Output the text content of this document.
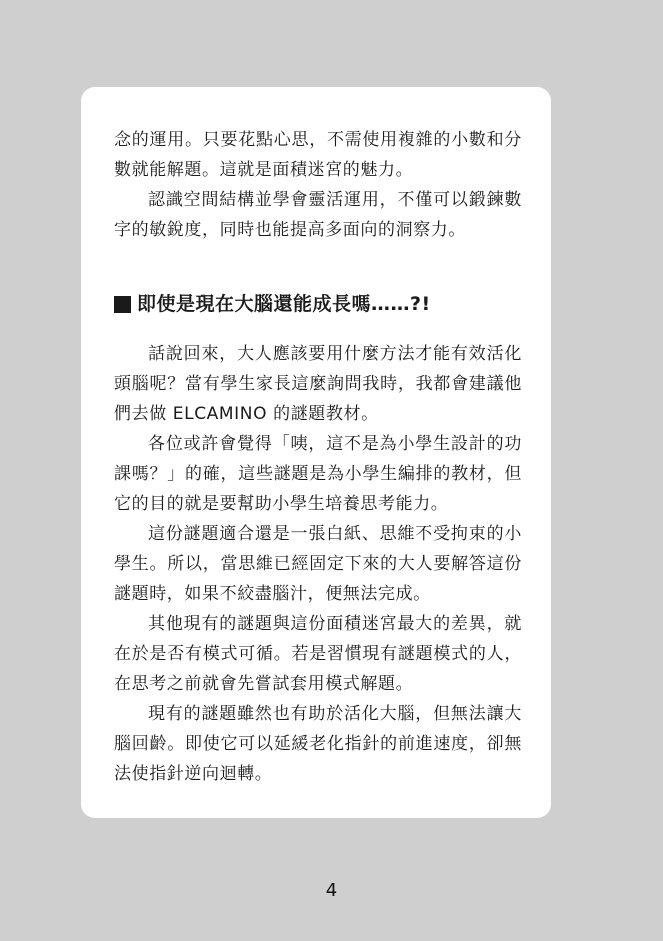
念的運用。只要花點心思，不需使用複雜的小數和分數就能解題。這就是面積迷宮的魅力。

認識空間結構並學會靈活運用，不僅可以鍛鍊數字的敏銳度，同時也能提高多面向的洞察力。

即使是現在大腦還能成長嗎……?!

話說回來，大人應該要用什麼方法才能有效活化頭腦呢？當有學生家長這麼詢問我時，我都會建議他們去做 ELCAMINO 的謎題教材。

各位或許會覺得「咦，這不是為小學生設計的功課嗎？」的確，這些謎題是為小學生編排的教材，但它的目的就是要幫助小學生培養思考能力。

這份謎題適合還是一張白紙、思維不受拘束的小學生。所以，當思維已經固定下來的大人要解答這份謎題時，如果不絞盡腦汁，便無法完成。

其他現有的謎題與這份面積迷宮最大的差異，就在於是否有模式可循。若是習慣現有謎題模式的人，在思考之前就會先嘗試套用模式解題。

現有的謎題雖然也有助於活化大腦，但無法讓大腦回齡。即使它可以延緩老化指針的前進速度，卻無法使指針逆向迴轉。

4
